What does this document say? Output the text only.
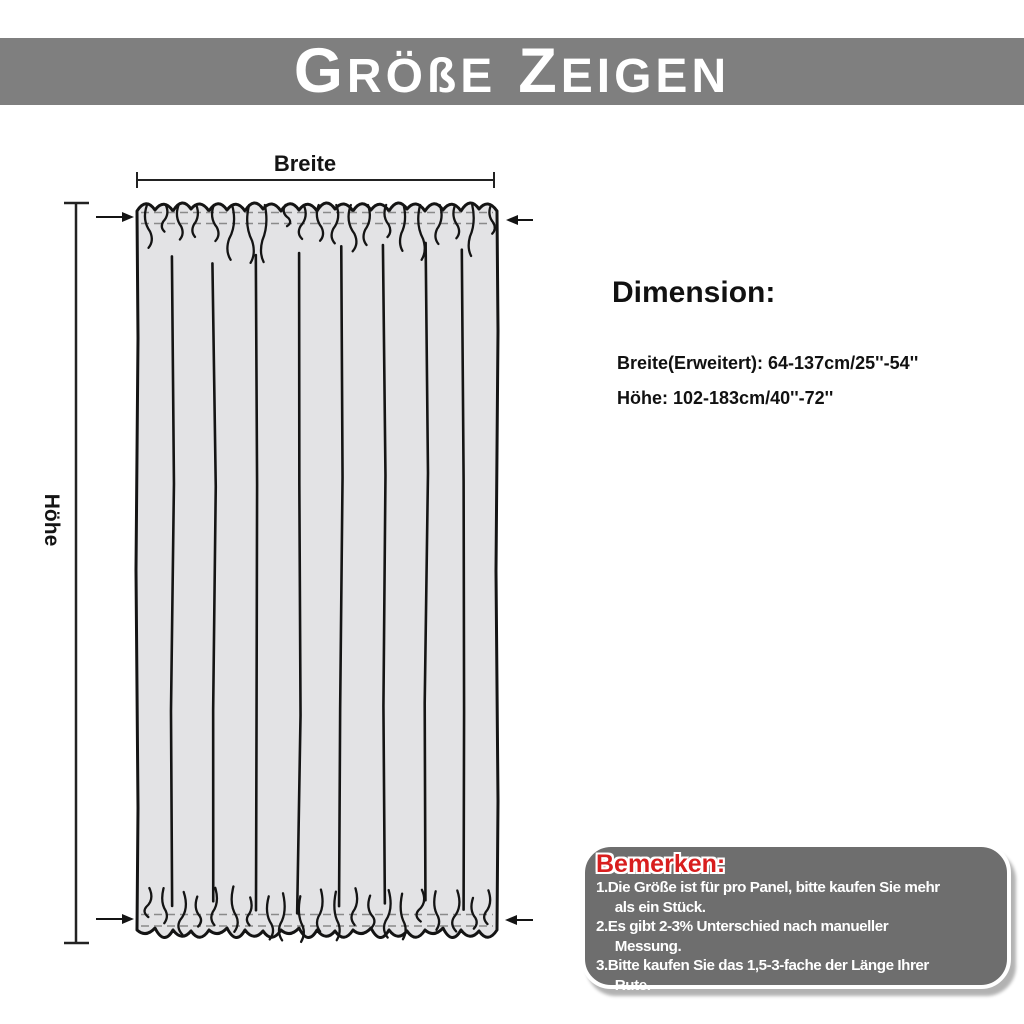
GRÖßE ZEIGEN
Breite
Höhe
Dimension:
Breite(Erweitert): 64-137cm/25''-54''
Höhe: 102-183cm/40''-72''
Bemerken:
1. Die Größe ist für pro Panel, bitte kaufen Sie mehr
als ein Stück.
2. Es gibt 2-3% Unterschied nach manueller
Messung.
3. Bitte kaufen Sie das 1,5-3-fache der Länge Ihrer
Rute.
